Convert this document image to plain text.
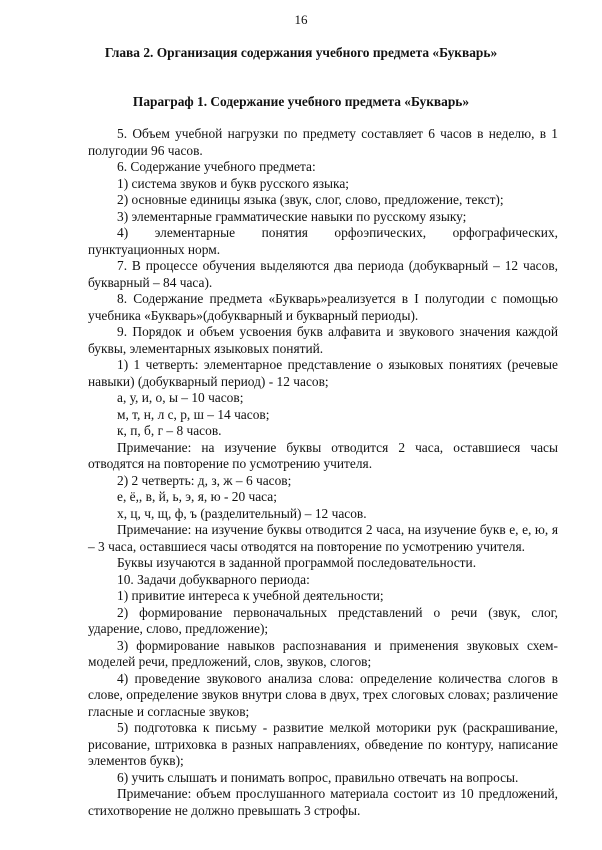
16
Глава 2. Организация содержания учебного предмета «Букварь»
Параграф 1. Содержание учебного предмета «Букварь»

5. Объем учебной нагрузки по предмету составляет 6 часов в неделю, в 1 полугодии 96 часов.

6. Содержание учебного предмета:

1) система звуков и букв русского языка;

2) основные единицы языка (звук, слог, слово, предложение, текст);

3) элементарные грамматические навыки по русскому языку;

4) элементарные понятия орфоэпических, орфографических, пунктуационных норм.

7. В процессе обучения выделяются два периода (добукварный – 12 часов, букварный – 84 часа).

8. Содержание предмета «Букварь»реализуется в I полугодии с помощью учебника «Букварь»(добукварный и букварный периоды).

9. Порядок и объем усвоения букв алфавита и звукового значения каждой буквы, элементарных языковых понятий.

1) 1 четверть: элементарное представление о языковых понятиях (речевые навыки) (добукварный период) - 12 часов;

а, у, и, о, ы – 10 часов;

м, т, н, л с, р, ш – 14 часов;

к, п, б, г – 8 часов.

Примечание: на изучение буквы отводится 2 часа, оставшиеся часы отводятся на повторение по усмотрению учителя.

2) 2 четверть: д, з, ж – 6 часов;

е, ё,, в, й, ь, э, я, ю - 20 часа;

х, ц, ч, щ, ф, ъ (разделительный) – 12 часов.

Примечание: на изучение буквы отводится 2 часа, на изучение букв е, е, ю, я – 3 часа, оставшиеся часы отводятся на повторение по усмотрению учителя.

Буквы изучаются в заданной программой последовательности.

10. Задачи добукварного периода:

1) привитие интереса к учебной деятельности;

2) формирование первоначальных представлений о речи (звук, слог, ударение, слово, предложение);

3) формирование навыков распознавания и применения звуковых схем-моделей речи, предложений, слов, звуков, слогов;

4) проведение звукового анализа слова: определение количества слогов в слове, определение звуков внутри слова в двух, трех слоговых словах; различение гласные и согласные звуков;

5) подготовка к письму - развитие мелкой моторики рук (раскрашивание, рисование, штриховка в разных направлениях, обведение по контуру, написание элементов букв);

6) учить слышать и понимать вопрос, правильно отвечать на вопросы.

Примечание: объем прослушанного материала состоит из 10 предложений, стихотворение не должно превышать 3 строфы.
